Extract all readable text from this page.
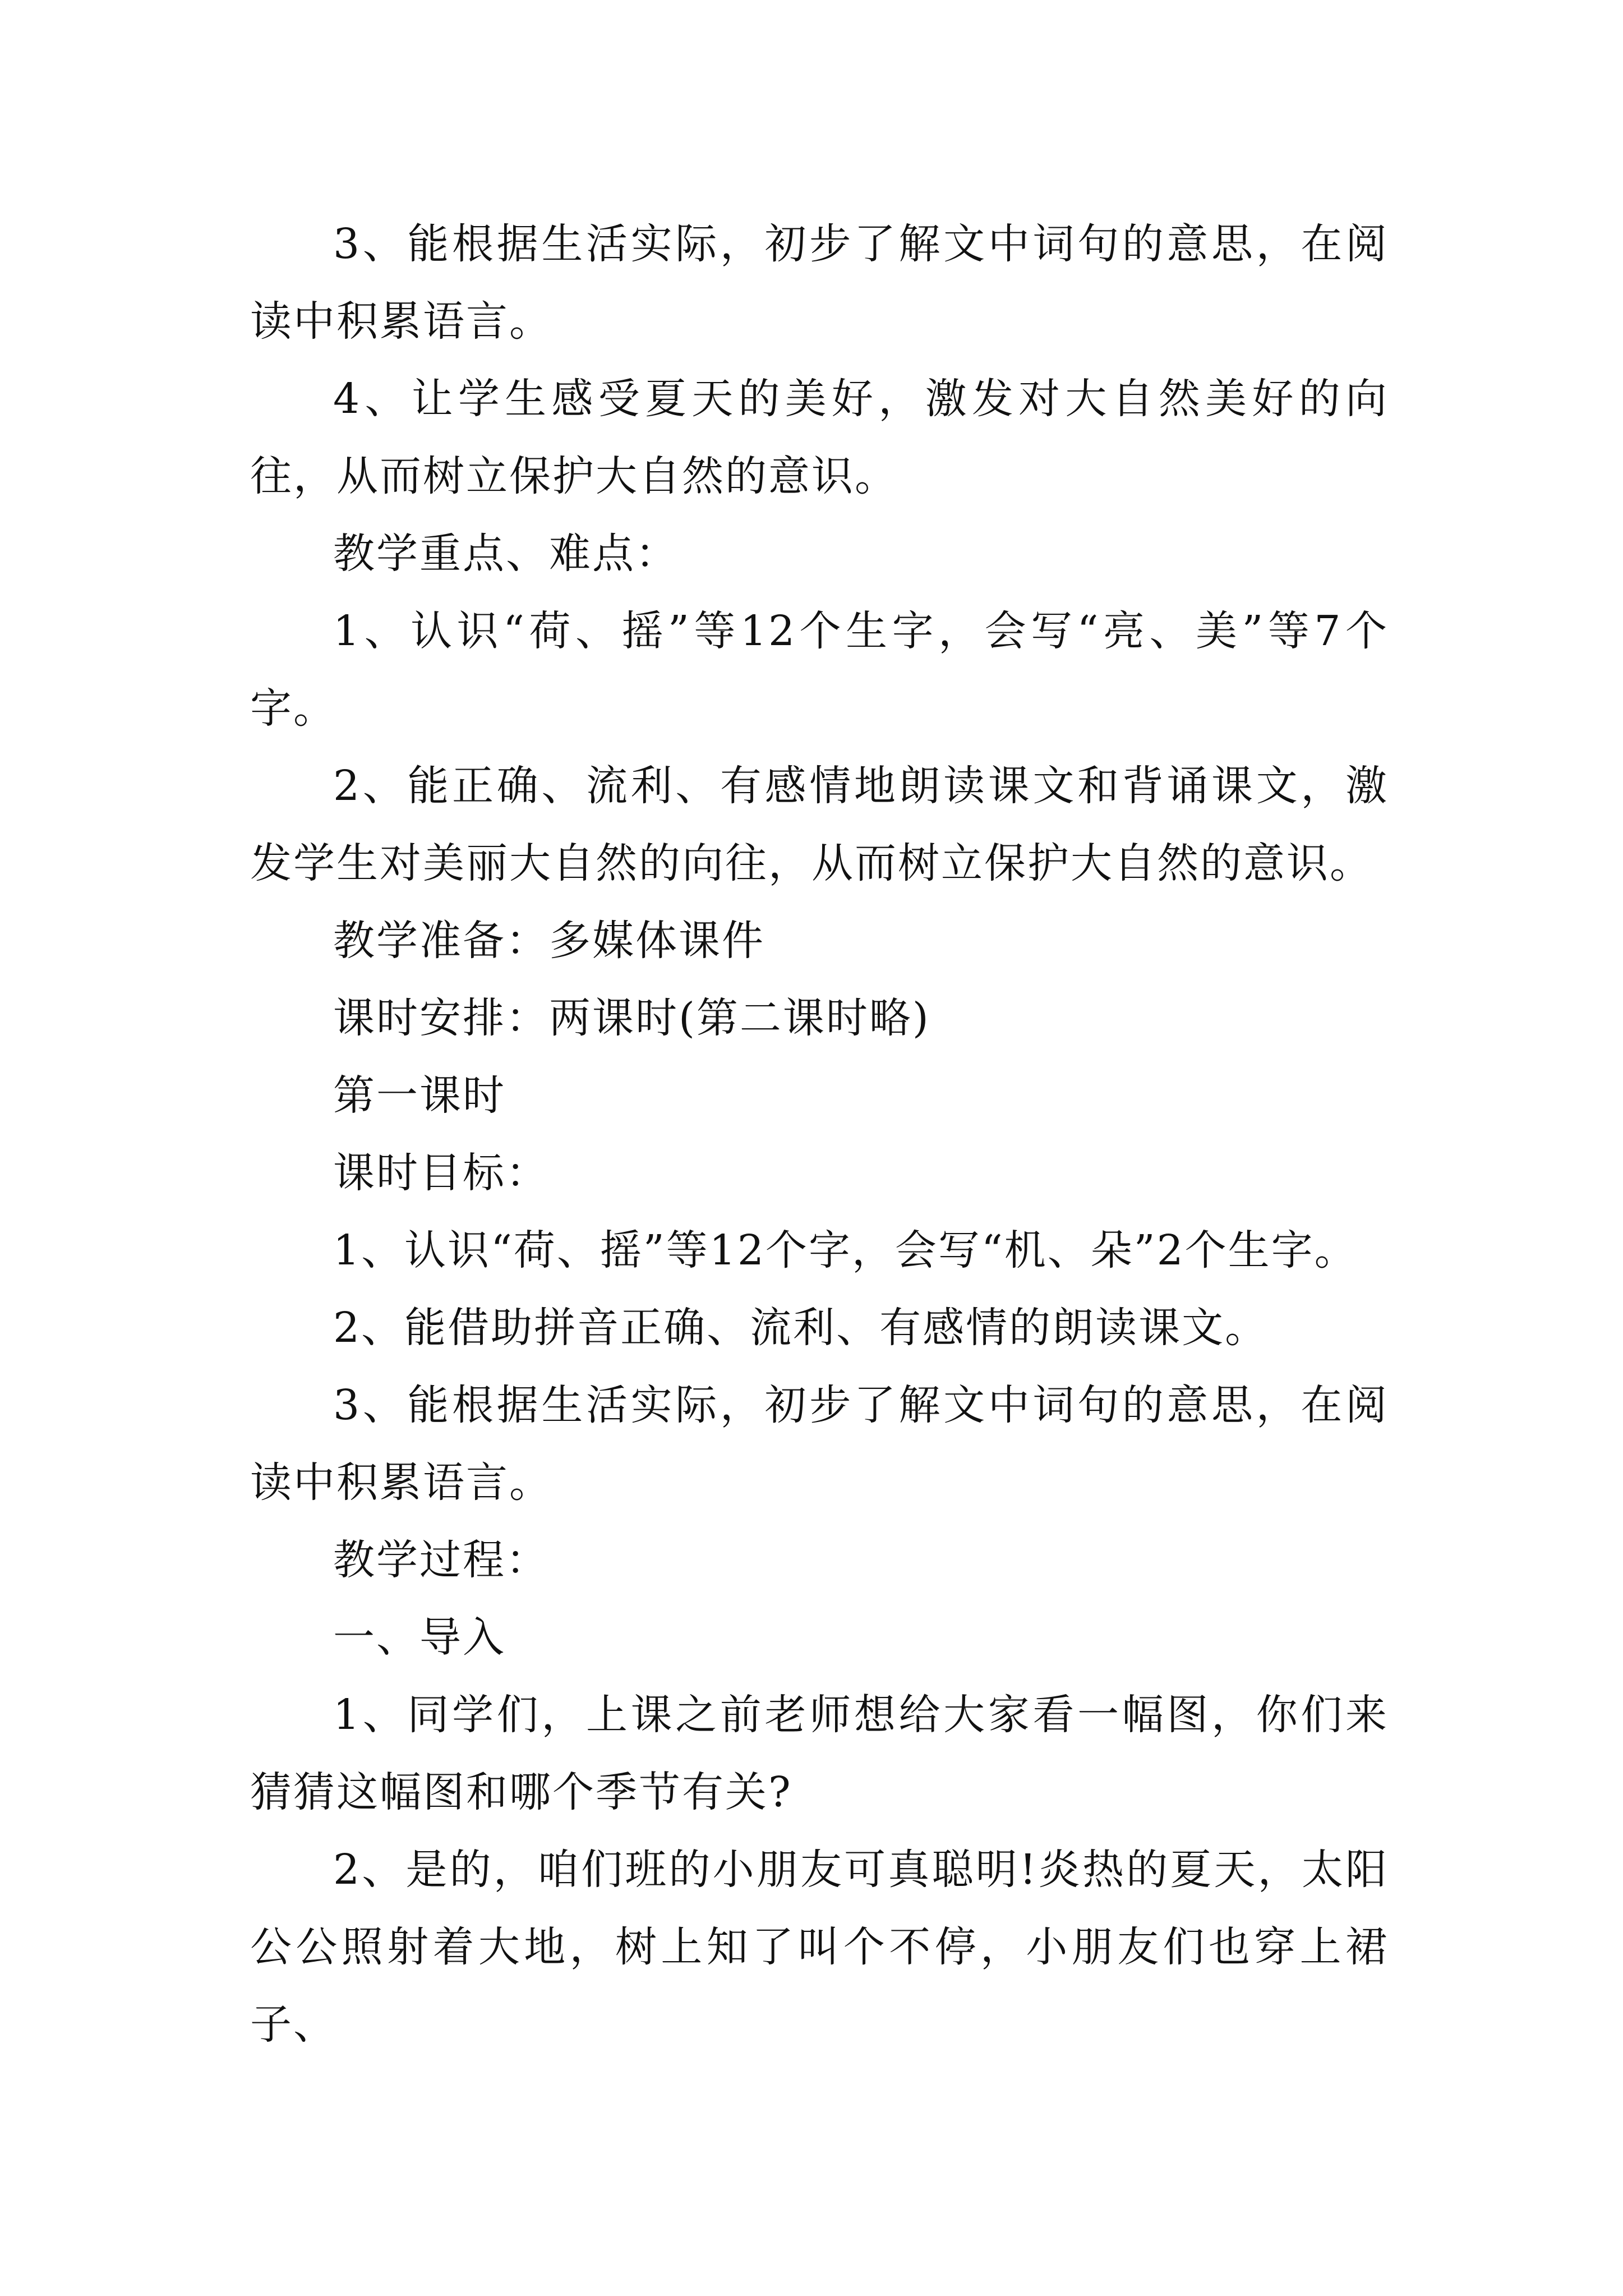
3、能根据生活实际，初步了解文中词句的意思，在阅读中积累语言。

4、让学生感受夏天的美好，激发对大自然美好的向往，从而树立保护大自然的意识。

教学重点、难点：

1、认识“荷、摇”等12个生字，会写“亮、美”等7个字。

2、能正确、流利、有感情地朗读课文和背诵课文，激发学生对美丽大自然的向往，从而树立保护大自然的意识。

教学准备：多媒体课件

课时安排：两课时(第二课时略)

第一课时

课时目标：

1、认识“荷、摇”等12个字，会写“机、朵”2个生字。

2、能借助拼音正确、流利、有感情的朗读课文。

3、能根据生活实际，初步了解文中词句的意思，在阅读中积累语言。

教学过程：

一、导入

1、同学们，上课之前老师想给大家看一幅图，你们来猜猜这幅图和哪个季节有关?

2、是的，咱们班的小朋友可真聪明!炎热的夏天，太阳公公照射着大地，树上知了叫个不停，小朋友们也穿上裙子、
